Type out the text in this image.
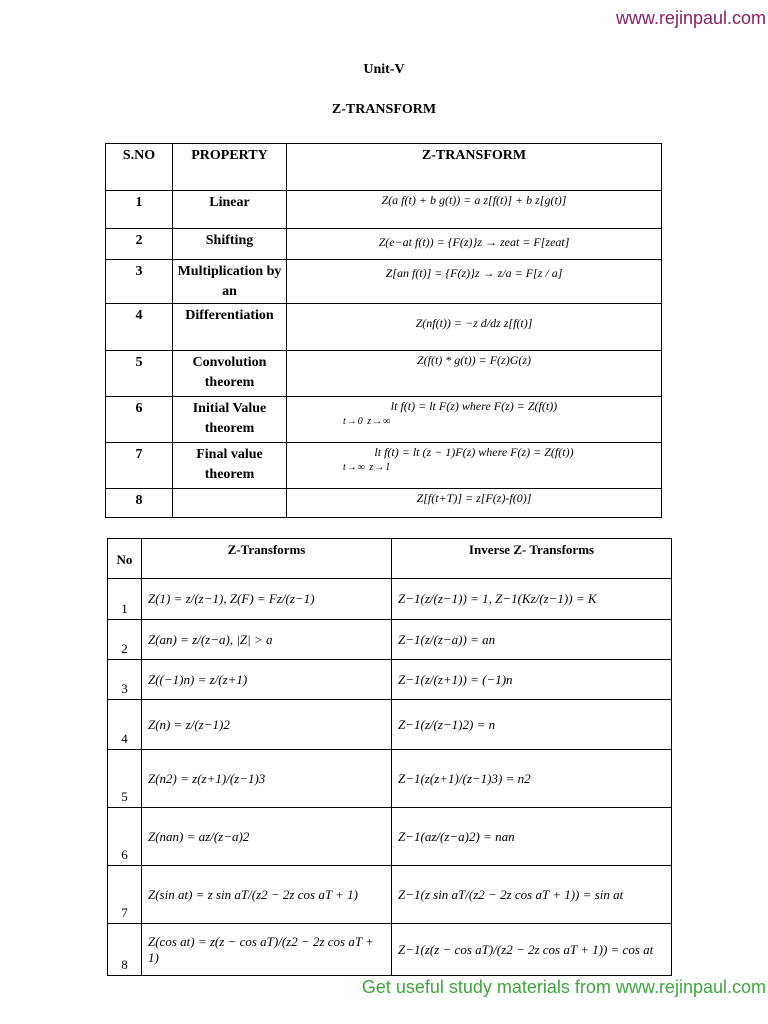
www.rejinpaul.com
Unit-V
Z-TRANSFORM
S.NO	PROPERTY	Z-TRANSFORM
1	Linear	Z(a f(t) + b g(t)) = a z[f(t)] + b z[g(t)]
2	Shifting	Z(e−at f(t)) = {F(z)}z → zeat = F[zeat]
3	Multiplication by an	Z[an f(t)] = {F(z)}z → z/a = F[z / a]
4	Differentiation	Z(nf(t)) = −z d/dz z[f(t)]
5	Convolution theorem	Z(f(t) * g(t)) = F(z)G(z)
6	Initial Value theorem	lt f(t) = lt F(z) where F(z) = Z(f(t))
t→0 z→∞

7	Final value theorem	lt f(t) = lt (z − 1)F(z) where F(z) = Z(f(t))
t→∞ z→1

8		Z[f(t+T)] = z[F(z)-f(0)]
No	Z-Transforms	Inverse Z- Transforms
1	Z(1) = z/(z−1), Z(F) = Fz/(z−1)	Z−1(z/(z−1)) = 1, Z−1(Kz/(z−1)) = K
2	Z(an) = z/(z−a), |Z| > a	Z−1(z/(z−a)) = an
3	Z((−1)n) = z/(z+1)	Z−1(z/(z+1)) = (−1)n
4	Z(n) = z/(z−1)2	Z−1(z/(z−1)2) = n
5	Z(n2) = z(z+1)/(z−1)3	Z−1(z(z+1)/(z−1)3) = n2
6	Z(nan) = az/(z−a)2	Z−1(az/(z−a)2) = nan
7	Z(sin at) = z sin aT/(z2 − 2z cos aT + 1)	Z−1(z sin aT/(z2 − 2z cos aT + 1)) = sin at
8	Z(cos at) = z(z − cos aT)/(z2 − 2z cos aT + 1)	Z−1(z(z − cos aT)/(z2 − 2z cos aT + 1)) = cos at
Get useful study materials from www.rejinpaul.com
